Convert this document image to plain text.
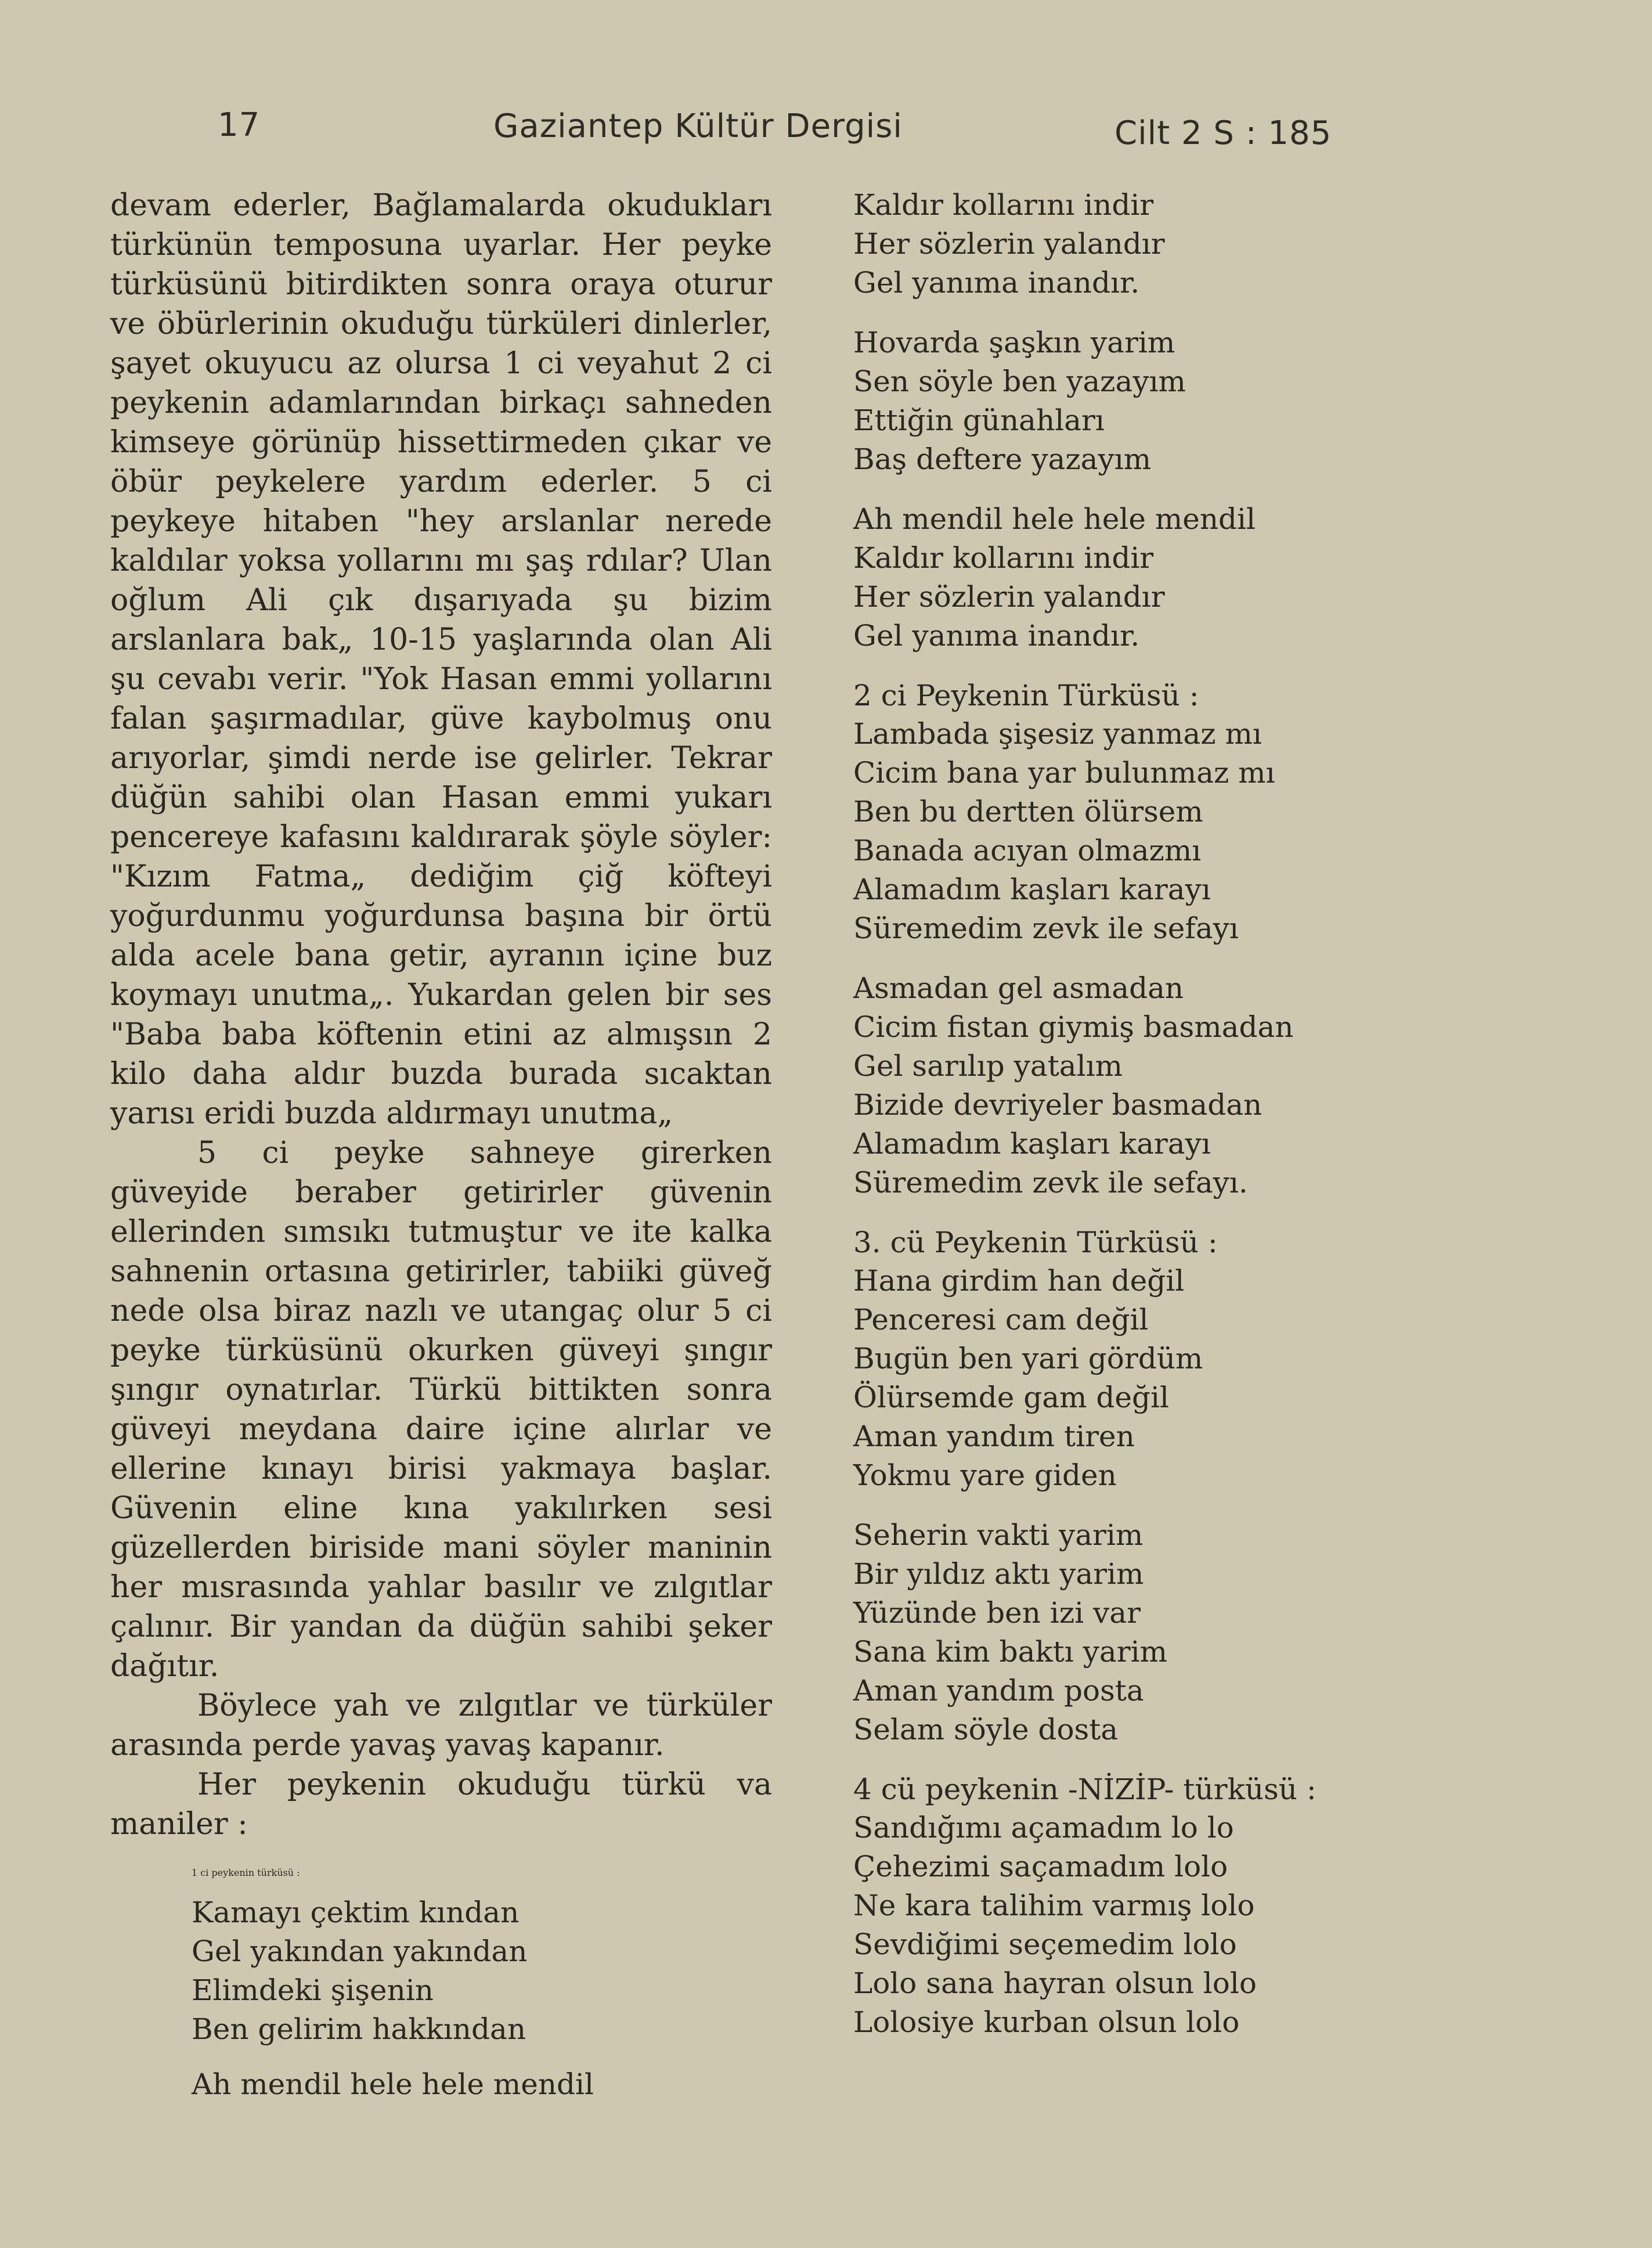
17	Gaziantep Kültür Dergisi	Cilt 2 S : 185

devam ederler, Bağlamalarda okudukları türkünün temposuna uyarlar. Her peyke türküsünü bitirdikten sonra oraya oturur ve öbürlerinin okuduğu türküleri dinlerler, şayet okuyucu az olursa 1 ci veyahut 2 ci peykenin adamlarından birkaçı sahneden kimseye görünüp hissettirmeden çıkar ve öbür peykelere yardım ederler. 5 ci peykeye hitaben "hey arslanlar nerede kaldılar yoksa yollarını mı şaş rdılar? Ulan oğlum Ali çık dışarıyada şu bizim arslanlara bak„ 10-15 yaşlarında olan Ali şu cevabı verir. "Yok Hasan emmi yollarını falan şaşırmadılar, güve kaybolmuş onu arıyorlar, şimdi nerde ise gelirler. Tekrar düğün sahibi olan Hasan emmi yukarı pencereye kafasını kaldırarak şöyle söyler: "Kızım Fatma„ dediğim çiğ köfteyi yoğurdunmu yoğurdunsa başına bir örtü alda acele bana getir, ayranın içine buz koymayı unutma„. Yukardan gelen bir ses "Baba baba köftenin etini az almışsın 2 kilo daha aldır buzda burada sıcaktan yarısı eridi buzda aldırmayı unutma„

5 ci peyke sahneye girerken güveyide beraber getirirler güvenin ellerinden sımsıkı tutmuştur ve ite kalka sahnenin ortasına getirirler, tabiiki güveğ nede olsa biraz nazlı ve utangaç olur 5 ci peyke türküsünü okurken güveyi şıngır şıngır oynatırlar. Türkü bittikten sonra güveyi meydana daire içine alırlar ve ellerine kınayı birisi yakmaya başlar. Güvenin eline kına yakılırken sesi güzellerden biriside mani söyler maninin her mısrasında yahlar basılır ve zılgıtlar çalınır. Bir yandan da düğün sahibi şeker dağıtır.

Böylece yah ve zılgıtlar ve türküler arasında perde yavaş yavaş kapanır.

Her peykenin okuduğu türkü va maniler :

1 ci peykenin türküsü :
Kamayı çektim kından
Gel yakından yakından
Elimdeki şişenin
Ben gelirim hakkından
Ah mendil hele hele mendil
Kaldır kollarını indir
Her sözlerin yalandır
Gel yanıma inandır.
Hovarda şaşkın yarim
Sen söyle ben yazayım
Ettiğin günahları
Baş deftere yazayım
Ah mendil hele hele mendil
Kaldır kollarını indir
Her sözlerin yalandır
Gel yanıma inandır.
2 ci Peykenin Türküsü :
Lambada şişesiz yanmaz mı
Cicim bana yar bulunmaz mı
Ben bu dertten ölürsem
Banada acıyan olmazmı
Alamadım kaşları karayı
Süremedim zevk ile sefayı
Asmadan gel asmadan
Cicim fistan giymiş basmadan
Gel sarılıp yatalım
Bizide devriyeler basmadan
Alamadım kaşları karayı
Süremedim zevk ile sefayı.
3. cü Peykenin Türküsü :
Hana girdim han değil
Penceresi cam değil
Bugün ben yari gördüm
Ölürsemde gam değil
Aman yandım tiren
Yokmu yare giden
Seherin vakti yarim
Bir yıldız aktı yarim
Yüzünde ben izi var
Sana kim baktı yarim
Aman yandım posta
Selam söyle dosta
4 cü peykenin -NİZİP- türküsü :
Sandığımı açamadım lo lo
Çehezimi saçamadım lolo
Ne kara talihim varmış lolo
Sevdiğimi seçemedim lolo
Lolo sana hayran olsun lolo
Lolosiye kurban olsun lolo
